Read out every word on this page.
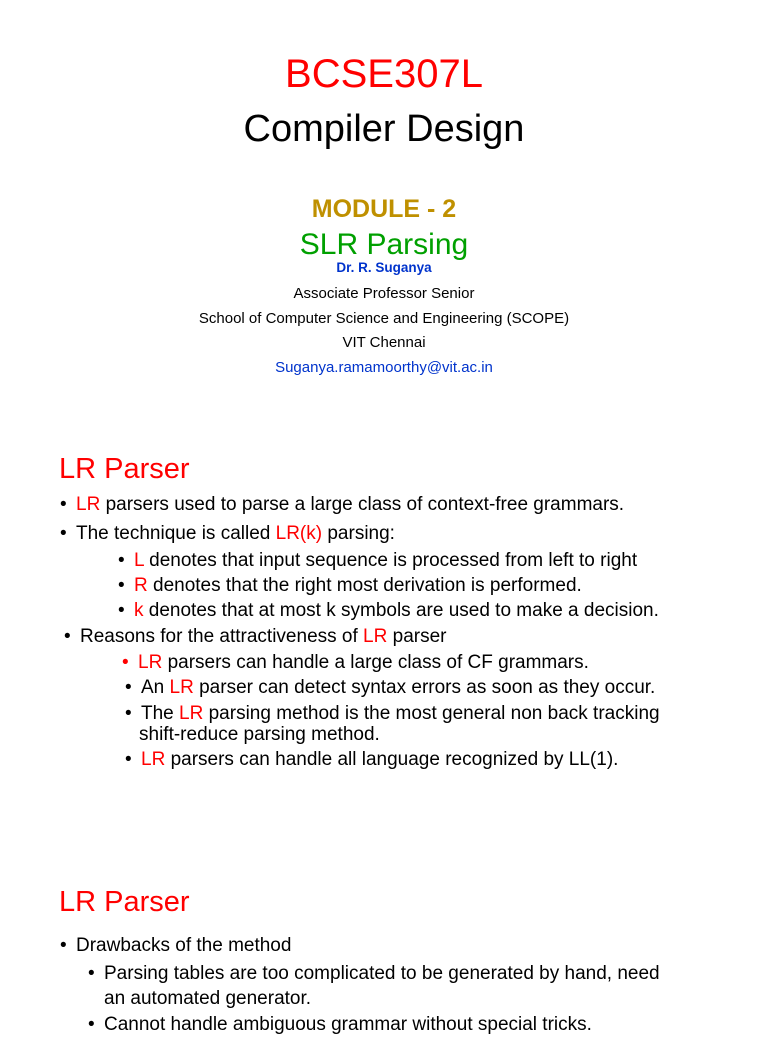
BCSE307L
Compiler Design
MODULE - 2
SLR Parsing
Dr. R. Suganya
Associate Professor Senior
School of Computer Science and Engineering (SCOPE)
VIT Chennai
Suganya.ramamoorthy@vit.ac.in
LR Parser
• LR parsers used to parse a large class of context-free grammars.
• The technique is called LR(k) parsing:
• L denotes that input sequence is processed from left to right
• R denotes that the right most derivation is performed.
• k denotes that at most k symbols are used to make a decision.
• Reasons for the attractiveness of LR parser
• LR parsers can handle a large class of CF grammars.
• An LR parser can detect syntax errors as soon as they occur.
• The LR parsing method is the most general non back tracking
shift-reduce parsing method.
• LR parsers can handle all language recognized by LL(1).
LR Parser
• Drawbacks of the method
• Parsing tables are too complicated to be generated by hand, need
an automated generator.
• Cannot handle ambiguous grammar without special tricks.
